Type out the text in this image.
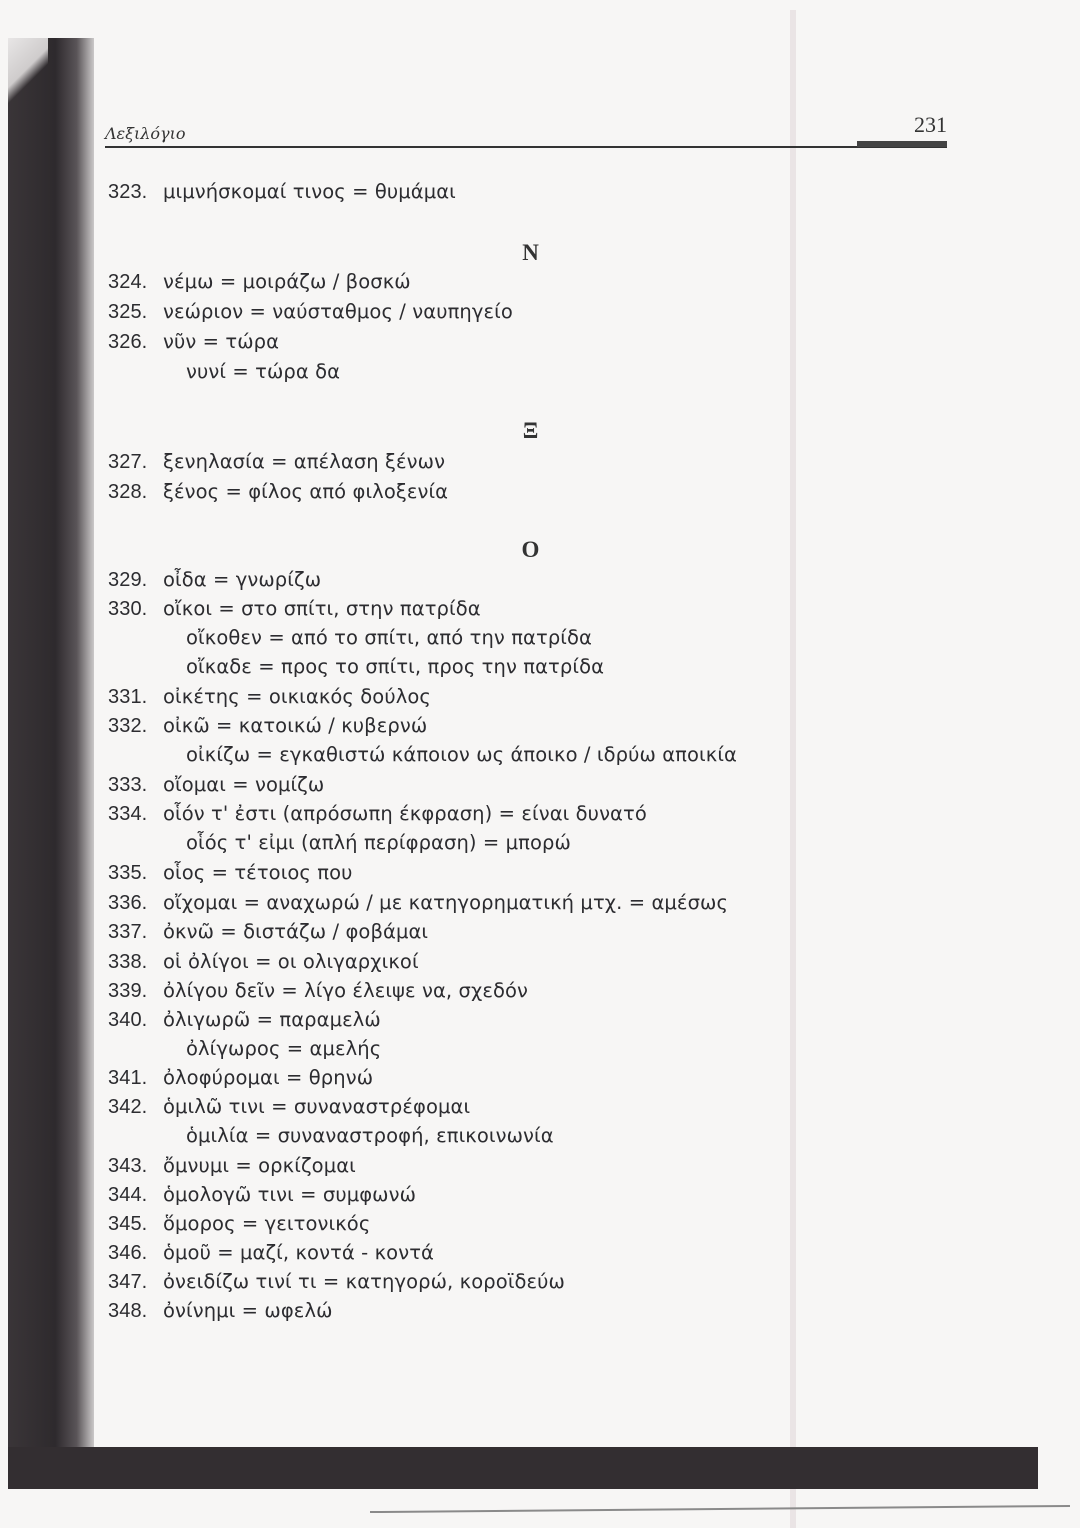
Λεξιλόγιο	231
323. μιμνήσκομαί τινος = θυμάμαι
Ν
324. νέμω = μοιράζω / βοσκώ
325. νεώριον = ναύσταθμος / ναυπηγείο
326. νῦν = τώρα
νυνί = τώρα δα
Ξ
327. ξενηλασία = απέλαση ξένων
328. ξένος = φίλος από φιλοξενία
Ο
329. οἶδα = γνωρίζω
330. οἴκοι = στο σπίτι, στην πατρίδα
οἴκοθεν = από το σπίτι, από την πατρίδα
οἴκαδε = προς το σπίτι, προς την πατρίδα
331. οἰκέτης = οικιακός δούλος
332. οἰκῶ = κατοικώ / κυβερνώ
οἰκίζω = εγκαθιστώ κάποιον ως άποικο / ιδρύω αποικία
333. οἴομαι = νομίζω
334. οἷόν τ' ἐστι (απρόσωπη έκφραση) = είναι δυνατό
οἷός τ' εἰμι (απλή περίφραση) = μπορώ
335. οἷος = τέτοιος που
336. οἴχομαι = αναχωρώ / με κατηγορηματική μτχ. = αμέσως
337. ὀκνῶ = διστάζω / φοβάμαι
338. οἱ ὀλίγοι = οι ολιγαρχικοί
339. ὀλίγου δεῖν = λίγο έλειψε να, σχεδόν
340. ὀλιγωρῶ = παραμελώ
ὀλίγωρος = αμελής
341. ὀλοφύρομαι = θρηνώ
342. ὁμιλῶ τινι = συναναστρέφομαι
ὁμιλία = συναναστροφή, επικοινωνία
343. ὄμνυμι = ορκίζομαι
344. ὁμολογῶ τινι = συμφωνώ
345. ὅμορος = γειτονικός
346. ὁμοῦ = μαζί, κοντά - κοντά
347. ὀνειδίζω τινί τι = κατηγορώ, κοροϊδεύω
348. ὀνίνημι = ωφελώ
